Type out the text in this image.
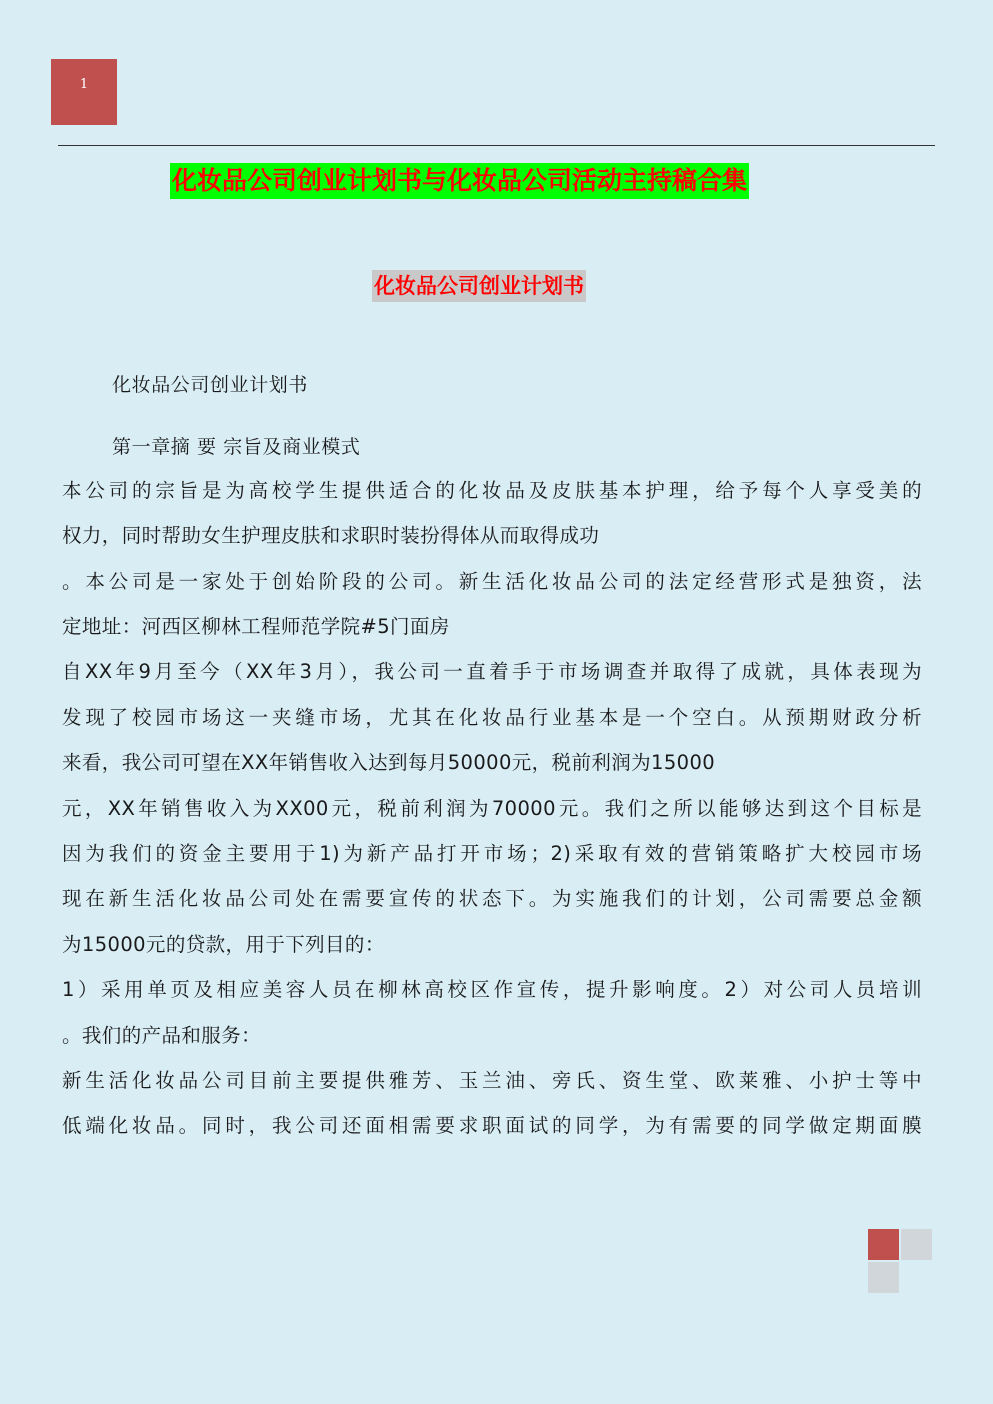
1
化妆品公司创业计划书与化妆品公司活动主持稿合集
化妆品公司创业计划书
化妆品公司创业计划书
第一章摘 要 宗旨及商业模式
本公司的宗旨是为高校学生提供适合的化妆品及皮肤基本护理，给予每个人享受美的
权力，同时帮助女生护理皮肤和求职时装扮得体从而取得成功
。本公司是一家处于创始阶段的公司。新生活化妆品公司的法定经营形式是独资，法
定地址：河西区柳林工程师范学院#5门面房
自XX年9月至今（XX年3月），我公司一直着手于市场调查并取得了成就，具体表现为
发现了校园市场这一夹缝市场，尤其在化妆品行业基本是一个空白。从预期财政分析
来看，我公司可望在XX年销售收入达到每月50000元，税前利润为15000
元，XX年销售收入为XX00元，税前利润为70000元。我们之所以能够达到这个目标是
因为我们的资金主要用于1)为新产品打开市场；2)采取有效的营销策略扩大校园市场
现在新生活化妆品公司处在需要宣传的状态下。为实施我们的计划，公司需要总金额
为15000元的贷款，用于下列目的：
1）采用单页及相应美容人员在柳林高校区作宣传，提升影响度。2）对公司人员培训
。我们的产品和服务：
新生活化妆品公司目前主要提供雅芳、玉兰油、旁氏、资生堂、欧莱雅、小护士等中
低端化妆品。同时，我公司还面相需要求职面试的同学，为有需要的同学做定期面膜
